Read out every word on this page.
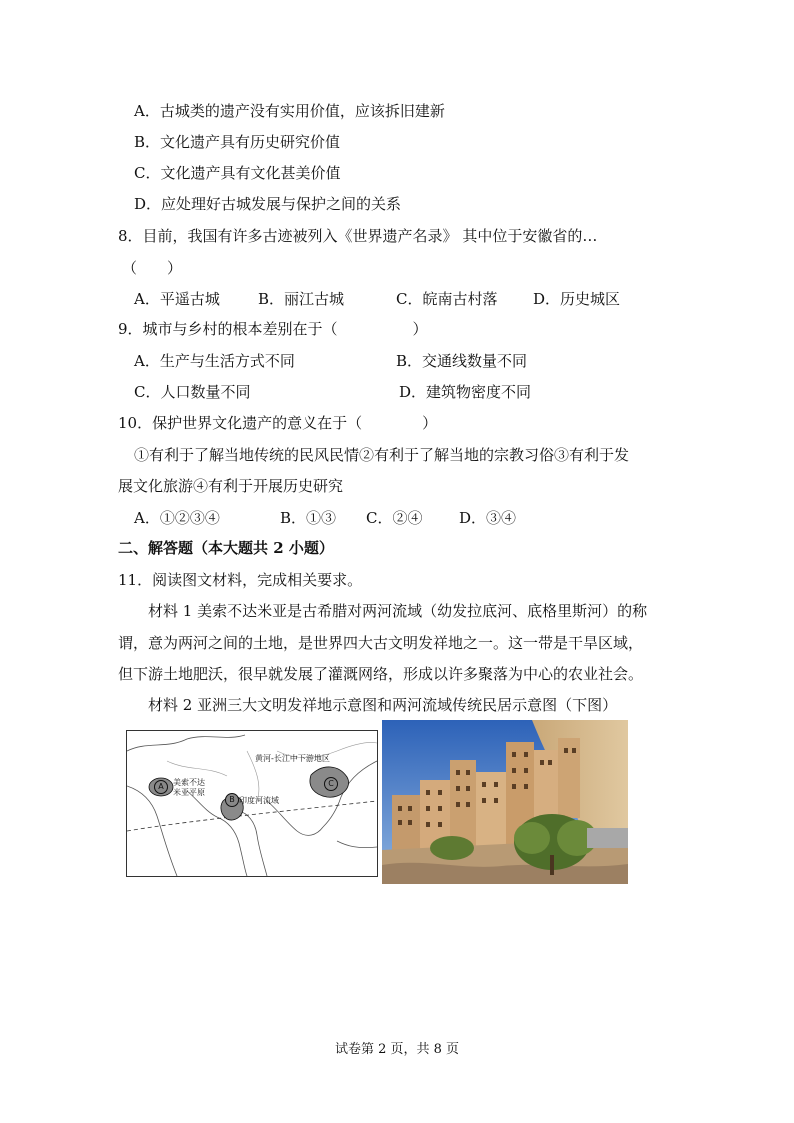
A．古城类的遗产没有实用价值，应该拆旧建新
B．文化遗产具有历史研究价值
C．文化遗产具有文化甚美价值
D．应处理好古城发展与保护之间的关系
8．目前，我国有许多古迹被列入《世界遗产名录》 其中位于安徽省的…
（　　）
A．平遥古城	B．丽江古城	C．皖南古村落 D．历史城区
9．城市与乡村的根本差别在于（　　　　　）
A．生产与生活方式不同	B．交通线数量不同
C．人口数量不同	D．建筑物密度不同
10．保护世界文化遗产的意义在于（　　　　）
①有利于了解当地传统的民风民情②有利于了解当地的宗教习俗③有利于发
展文化旅游④有利于开展历史研究
A．①②③④	B．①③ C．②④ D．③④
二、解答题（本大题共 2 小题）
11．阅读图文材料，完成相关要求。
材料 1 美索不达米亚是古希腊对两河流域（幼发拉底河、底格里斯河）的称
谓，意为两河之间的土地，是世界四大古文明发祥地之一。这一带是干旱区域，
但下游土地肥沃，很早就发展了灌溉网络，形成以许多聚落为中心的农业社会。
材料 2 亚洲三大文明发祥地示意图和两河流域传统民居示意图（下图）
A	美索不达
米亚平原
B 印度河流域
C
黄河-长江中下游地区
试卷第 2 页，共 8 页
